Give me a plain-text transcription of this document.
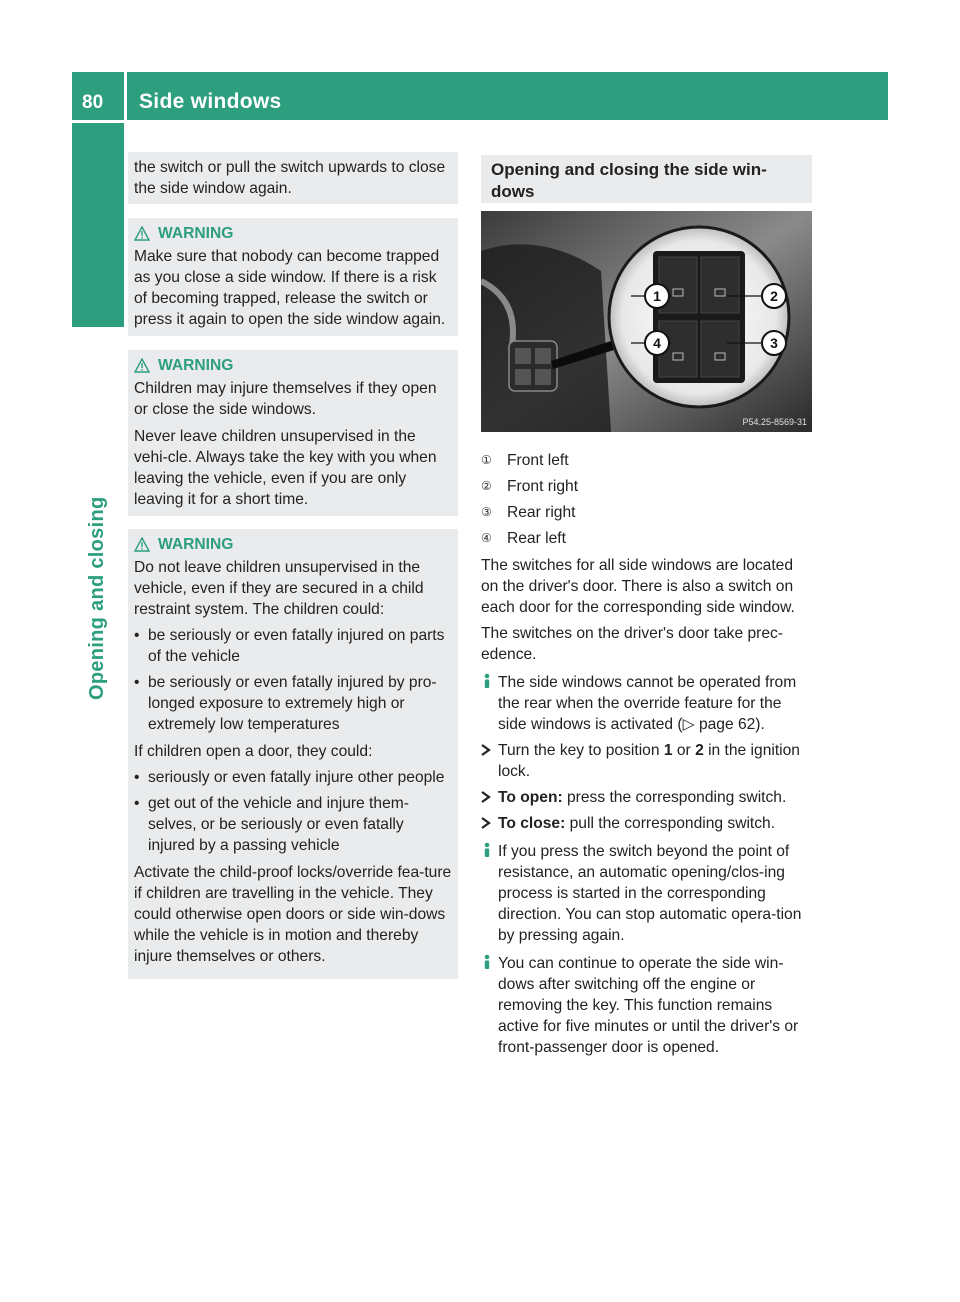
80 Side windows
Opening and closing

the switch or pull the switch upwards to close the side window again.

WARNING

Make sure that nobody can become trapped as you close a side window. If there is a risk of becoming trapped, release the switch or press it again to open the side window again.

WARNING

Children may injure themselves if they open or close the side windows.

Never leave children unsupervised in the vehi-cle. Always take the key with you when leaving the vehicle, even if you are only leaving it for a short time.

WARNING

Do not leave children unsupervised in the vehicle, even if they are secured in a child restraint system. The children could:

• be seriously or even fatally injured on parts of the vehicle
• be seriously or even fatally injured by pro-longed exposure to extremely high or extremely low temperatures

If children open a door, they could:

• seriously or even fatally injure other people
• get out of the vehicle and injure them-selves, or be seriously or even fatally injured by a passing vehicle

Activate the child-proof locks/override fea-ture if children are travelling in the vehicle. They could otherwise open doors or side win-dows while the vehicle is in motion and thereby injure themselves or others.

Opening and closing the side win-dows
1	2
3
4
P54.25-8569-31
① Front left
② Front right
③ Rear right
④ Rear left

The switches for all side windows are located on the driver's door. There is also a switch on each door for the corresponding side window.

The switches on the driver's door take prec-edence.

The side windows cannot be operated from the rear when the override feature for the side windows is activated (▷ page 62).
Turn the key to position 1 or 2 in the ignition lock.
To open: press the corresponding switch.
To close: pull the corresponding switch.
If you press the switch beyond the point of resistance, an automatic opening/clos-ing process is started in the corresponding direction. You can stop automatic opera-tion by pressing again.
You can continue to operate the side win-dows after switching off the engine or removing the key. This function remains active for five minutes or until the driver's or front-passenger door is opened.
